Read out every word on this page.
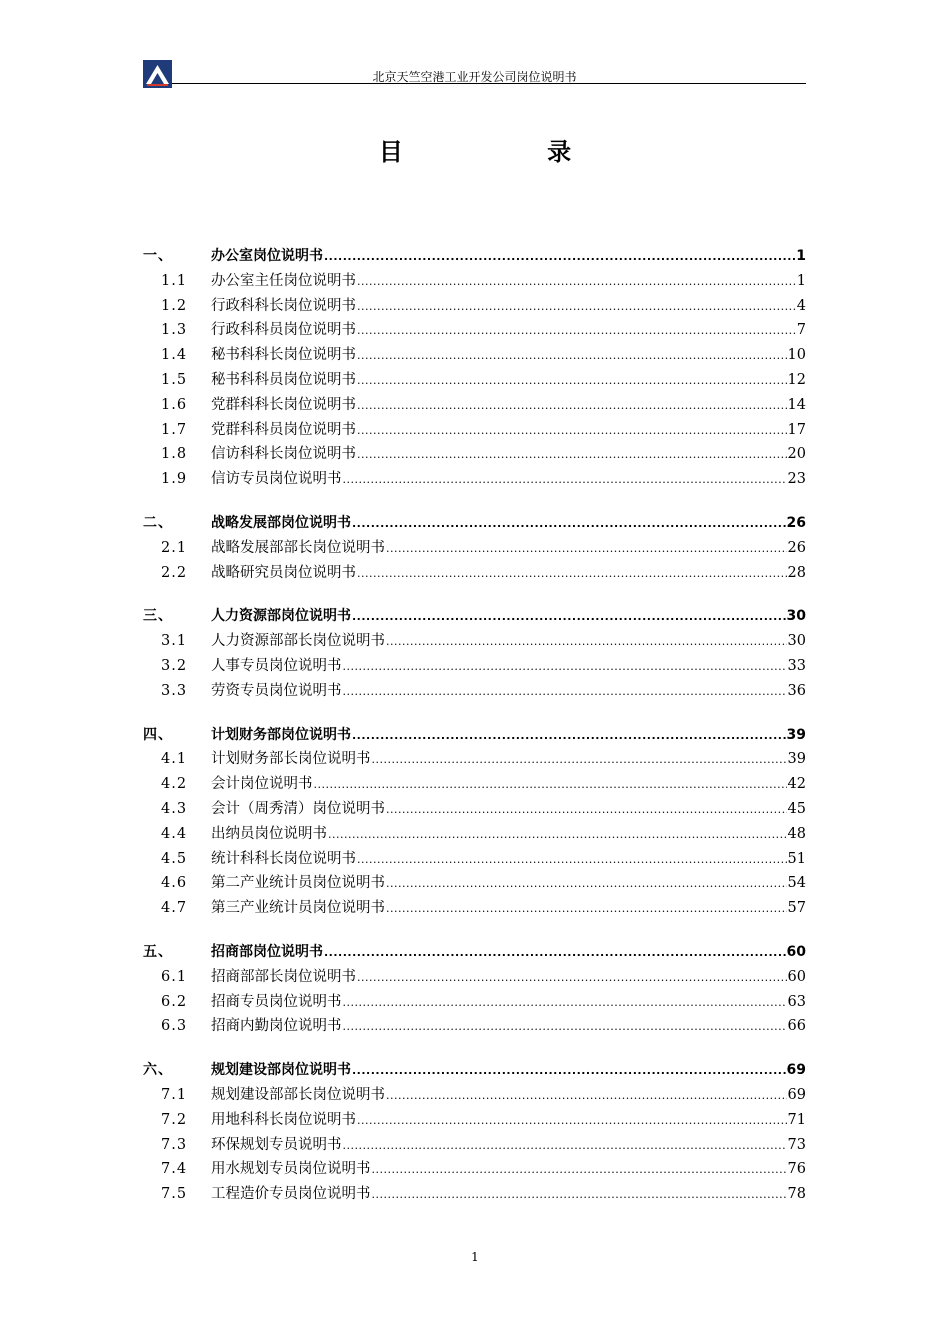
北京天竺空港工业开发公司岗位说明书
目 录
一、	办公室岗位说明书 .....	1
1.1 办公室主任岗位说明书 .....	1
1.2 行政科科长岗位说明书 .....	4
1.3 行政科科员岗位说明书 .....	7
1.4 秘书科科长岗位说明书 .....	10
1.5 秘书科科员岗位说明书 .....	12
1.6 党群科科长岗位说明书 .....	14
1.7 党群科科员岗位说明书 .....	17
1.8 信访科科长岗位说明书 .....	20
1.9 信访专员岗位说明书 .....	23
二、	战略发展部岗位说明书 .....	26
2.1 战略发展部部长岗位说明书 .....	26
2.2 战略研究员岗位说明书 .....	28
三、	人力资源部岗位说明书 .....	30
3.1 人力资源部部长岗位说明书 .....	30
3.2 人事专员岗位说明书 .....	33
3.3 劳资专员岗位说明书 .....	36
四、	计划财务部岗位说明书 .....	39
4.1 计划财务部长岗位说明书 .....	39
4.2 会计岗位说明书 .....	42
4.3 会计（周秀清）岗位说明书 .....	45
4.4 出纳员岗位说明书 .....	48
4.5 统计科科长岗位说明书 .....	51
4.6 第二产业统计员岗位说明书 .....	54
4.7 第三产业统计员岗位说明书 .....	57
五、	招商部岗位说明书 .....	60
6.1 招商部部长岗位说明书 .....	60
6.2 招商专员岗位说明书 .....	63
6.3 招商内勤岗位说明书 .....	66
六、	规划建设部岗位说明书 .....	69
7.1 规划建设部部长岗位说明书 .....	69
7.2 用地科科长岗位说明书 .....	71
7.3 环保规划专员说明书 .....	73
7.4 用水规划专员岗位说明书 .....	76
7.5 工程造价专员岗位说明书 .....	78
1
